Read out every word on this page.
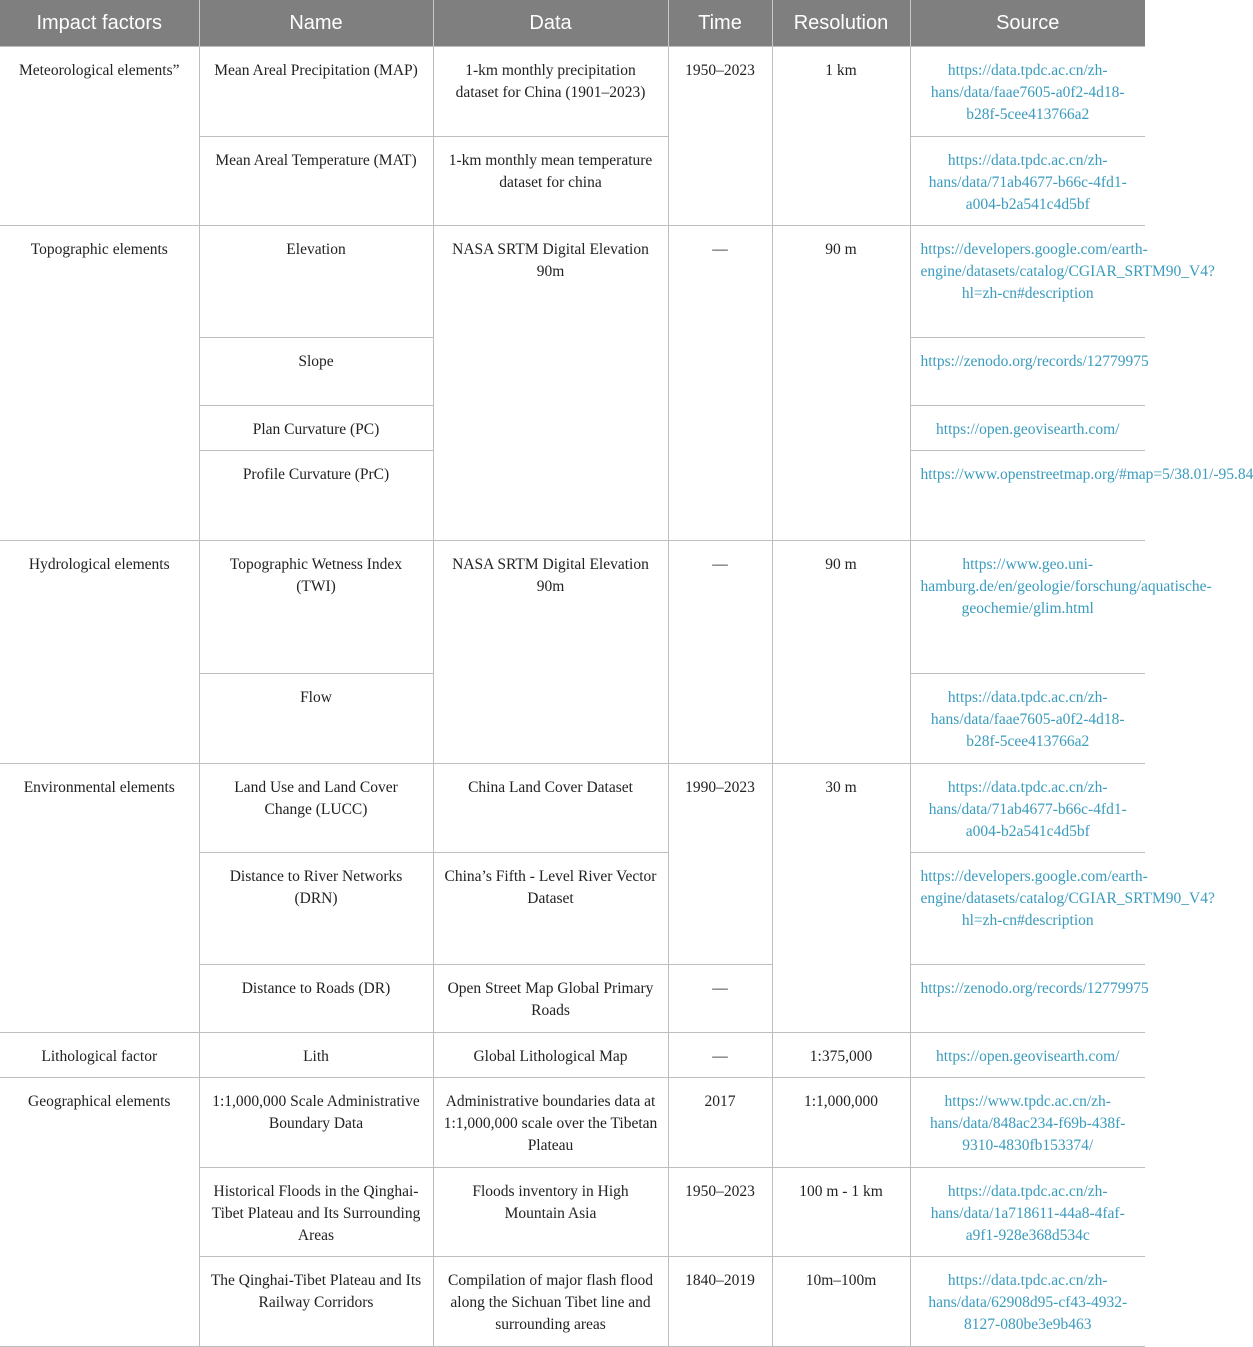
Impact factors	Name	Data	Time	Resolution	Source
Meteorological elements”	Mean Areal Precipitation (MAP)	1-km monthly precipitation dataset for China (1901–2023)	1950–2023	1 km	https://data.tpdc.ac.cn/zh-hans/data/faae7605-a0f2-4d18-b28f-5cee413766a2
	Mean Areal Temperature (MAT)	1-km monthly mean temperature dataset for china			https://data.tpdc.ac.cn/zh-hans/data/71ab4677-b66c-4fd1-a004-b2a541c4d5bf
Topographic elements	Elevation	NASA SRTM Digital Elevation 90m	—	90 m	https://developers.google.com/earth-engine/datasets/catalog/CGIAR_SRTM90_V4?hl=zh-cn#description
	Slope				https://zenodo.org/records/12779975
	Plan Curvature (PC)				https://open.geovisearth.com/
	Profile Curvature (PrC)				https://www.openstreetmap.org/#map=5/38.01/-95.84
Hydrological elements	Topographic Wetness Index (TWI)	NASA SRTM Digital Elevation 90m	—	90 m	https://www.geo.uni-hamburg.de/en/geologie/forschung/aquatische-geochemie/glim.html
	Flow				https://data.tpdc.ac.cn/zh-hans/data/faae7605-a0f2-4d18-b28f-5cee413766a2
Environmental elements	Land Use and Land Cover Change (LUCC)	China Land Cover Dataset	1990–2023	30 m	https://data.tpdc.ac.cn/zh-hans/data/71ab4677-b66c-4fd1-a004-b2a541c4d5bf
	Distance to River Networks (DRN)	China’s Fifth - Level River Vector Dataset			https://developers.google.com/earth-engine/datasets/catalog/CGIAR_SRTM90_V4?hl=zh-cn#description
	Distance to Roads (DR)	Open Street Map Global Primary Roads	—		https://zenodo.org/records/12779975
Lithological factor	Lith	Global Lithological Map	—	1:375,000	https://open.geovisearth.com/
Geographical elements	1:1,000,000 Scale Administrative Boundary Data	Administrative boundaries data at 1:1,000,000 scale over the Tibetan Plateau	2017	1:1,000,000	https://www.tpdc.ac.cn/zh-hans/data/848ac234-f69b-438f-9310-4830fb153374/
	Historical Floods in the Qinghai-Tibet Plateau and Its Surrounding Areas	Floods inventory in High Mountain Asia	1950–2023	100 m - 1 km	https://data.tpdc.ac.cn/zh-hans/data/1a718611-44a8-4faf-a9f1-928e368d534c
	The Qinghai-Tibet Plateau and Its Railway Corridors	Compilation of major flash flood along the Sichuan Tibet line and surrounding areas	1840–2019	10m–100m	https://data.tpdc.ac.cn/zh-hans/data/62908d95-cf43-4932-8127-080be3e9b463
